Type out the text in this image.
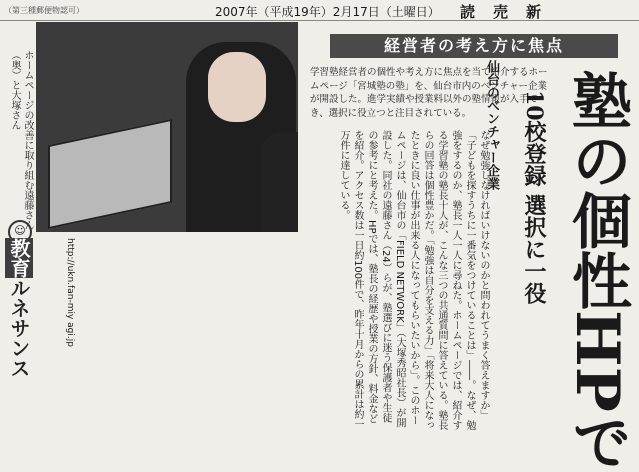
（第三種郵便物認可）	2007年（平成19年）2月17日（土曜日） 読売新
ホームページの改善に取り組む遠藤さん（奥）と大塚さん
経営者の考え方に焦点
学習塾経営者の個性や考え方に焦点を当て紹介するホームページ「宮城塾の塾」を、仙台市内のベンチャー企業が開設した。進学実績や授業料以外の塾情報が入手でき、選択に役立つと注目されている。 仙台のベンチャー企業 塾の個性HPで
10校登録 選択に一役
なぜ勉強しなければいけないのかと問われてうまく答えますか」「子どもを探すうちに一番気をつけていることは」――。なぜ、勉強をするのか、塾長一人一人に尋ねた。ホームページでは、紹介する学習塾の塾長十人が、こんな三つの共通質問に答えている。塾長らの回答は個性豊かだ。「勉強は自分を支える力」「将来大人になったときに良い仕事が出来る人になってもらいたいから」。このホームページは、仙台市の「FIELD NETWORK」（大塚秀昭社長）が開設した。同社の遠藤さん（24）らが、塾選びに迷う保護者や生徒の参考にと考えた。HPでは、塾長の経歴や授業の方針、料金などを紹介。アクセス数は一日約100件で、昨年十月からの累計は約一万件に達している。
☺
教育ルネサンス	http://ukn.fan-miy agi.jp
